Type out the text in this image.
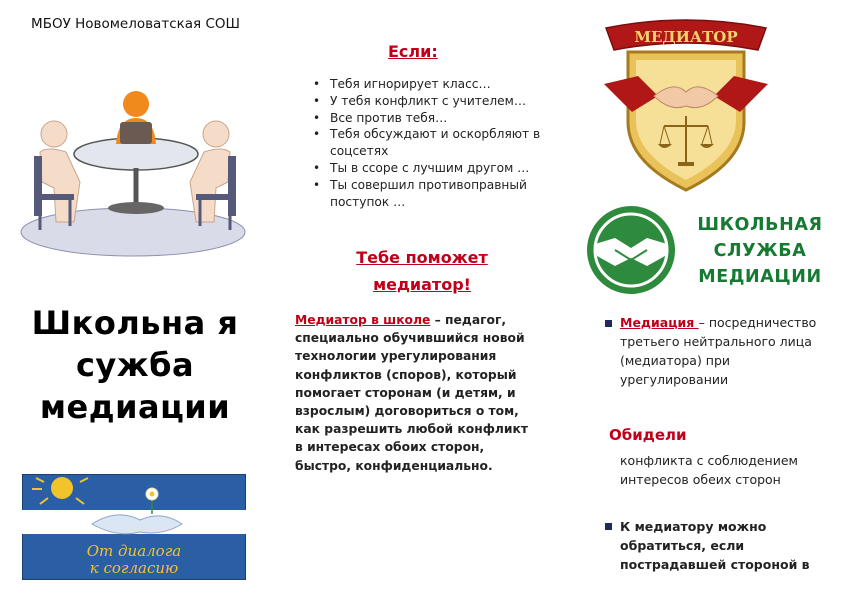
МБОУ Новомеловатская СОШ
Школьна я сужба медиации
От диалога
к согласию
Если:
• Тебя игнорирует класс…
• У тебя конфликт с учителем…
• Все против тебя…
• Тебя обсуждают и оскорбляют в соцсетях
• Ты в ссоре с лучшим другом …
• Ты совершил противоправный поступок …
Тебе поможет медиатор!
Медиатор в школе – педагог, специально обучившийся новой технологии урегулирования конфликтов (споров), который помогает сторонам (и детям, и взрослым) договориться о том, как разрешить любой конфликт в интересах обоих сторон, быстро, конфиденциально.
МЕДИАТОР
ШКОЛЬНАЯ
СЛУЖБА
МЕДИАЦИИ
Медиация – посредничество третьего нейтрального лица (медиатора) при урегулировании
Обидели
конфликта с соблюдением интересов обеих сторон
К медиатору можно обратиться, если пострадавшей стороной в
